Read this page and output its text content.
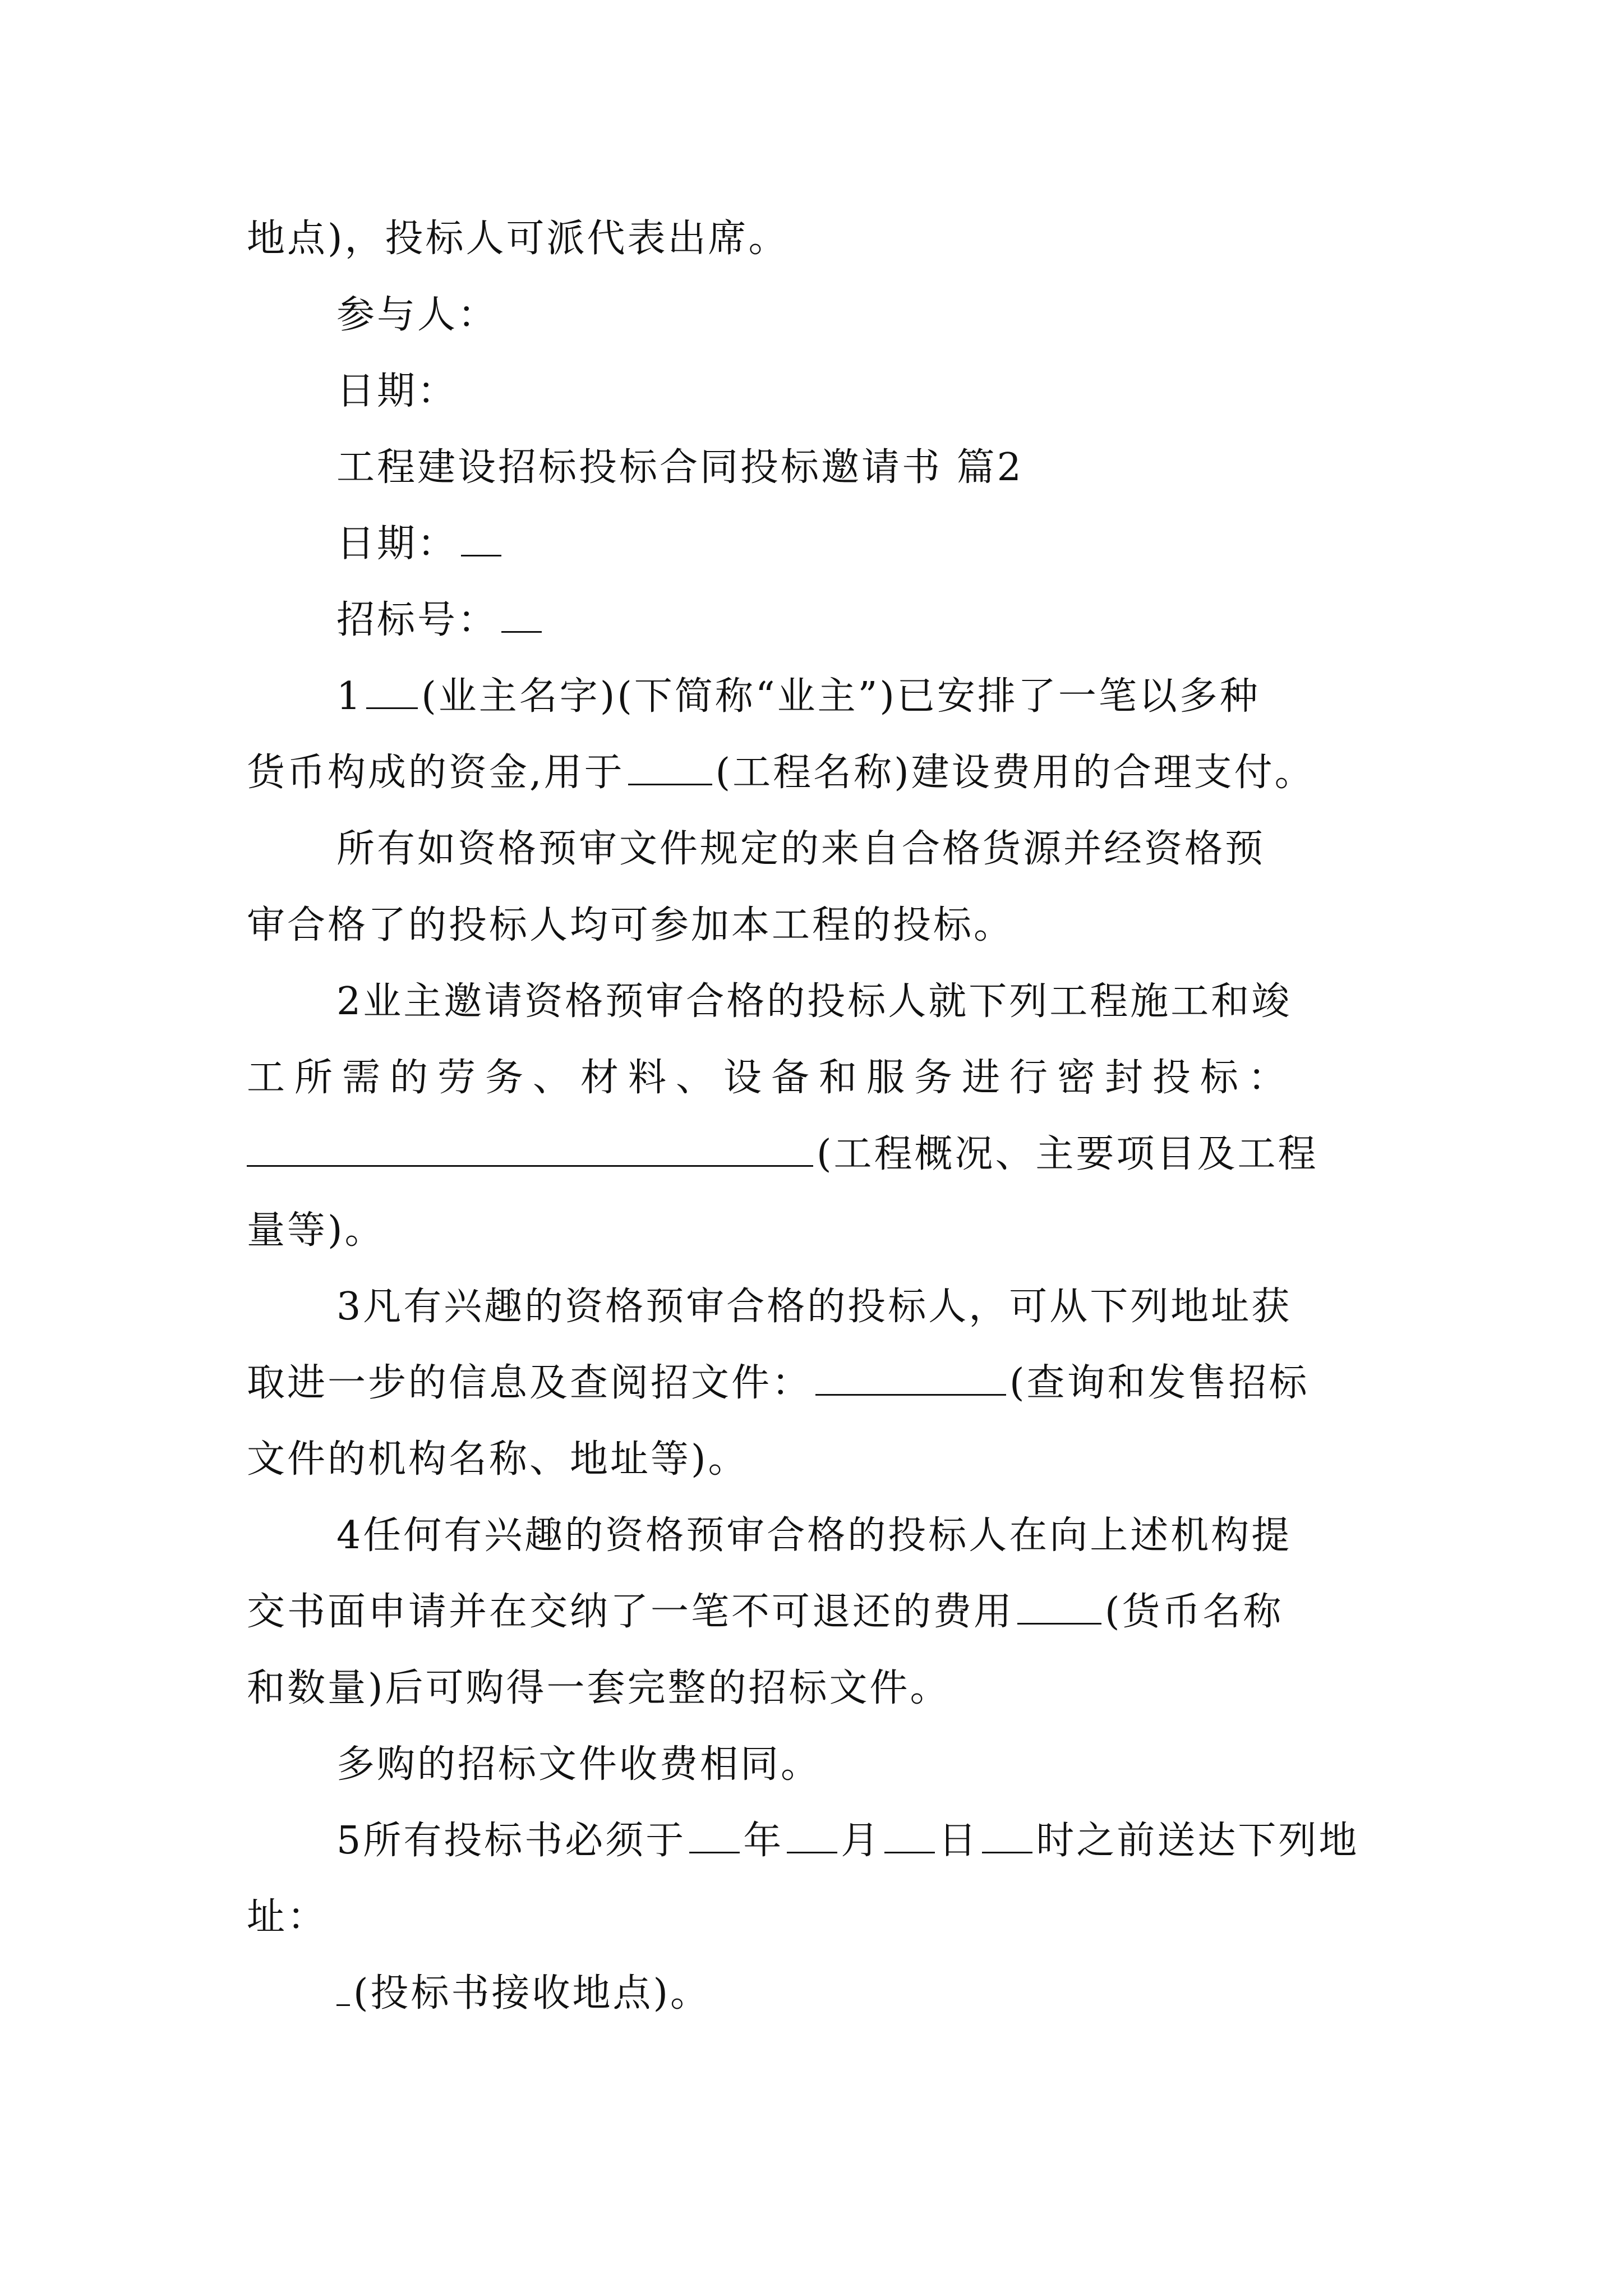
地点)，投标人可派代表出席。

参与人：

日期：

工程建设招标投标合同投标邀请书 篇2

日期：

招标号：

1 (业主名字)(下简称“业主”)已安排了一笔以多种

货币构成的资金,用于 (工程名称)建设费用的合理支付。

所有如资格预审文件规定的来自合格货源并经资格预

审合格了的投标人均可参加本工程的投标。

2业主邀请资格预审合格的投标人就下列工程施工和竣

工所需的劳务、材料、设备和服务进行密封投标：

(工程概况、主要项目及工程

量等)。

3凡有兴趣的资格预审合格的投标人，可从下列地址获

取进一步的信息及查阅招文件：	(查询和发售招标

文件的机构名称、地址等)。

4任何有兴趣的资格预审合格的投标人在向上述机构提

交书面申请并在交纳了一笔不可退还的费用 (货币名称

和数量)后可购得一套完整的招标文件。

多购的招标文件收费相同。

5所有投标书必须于 年 月 日 时之前送达下列地

址：

(投标书接收地点)。
